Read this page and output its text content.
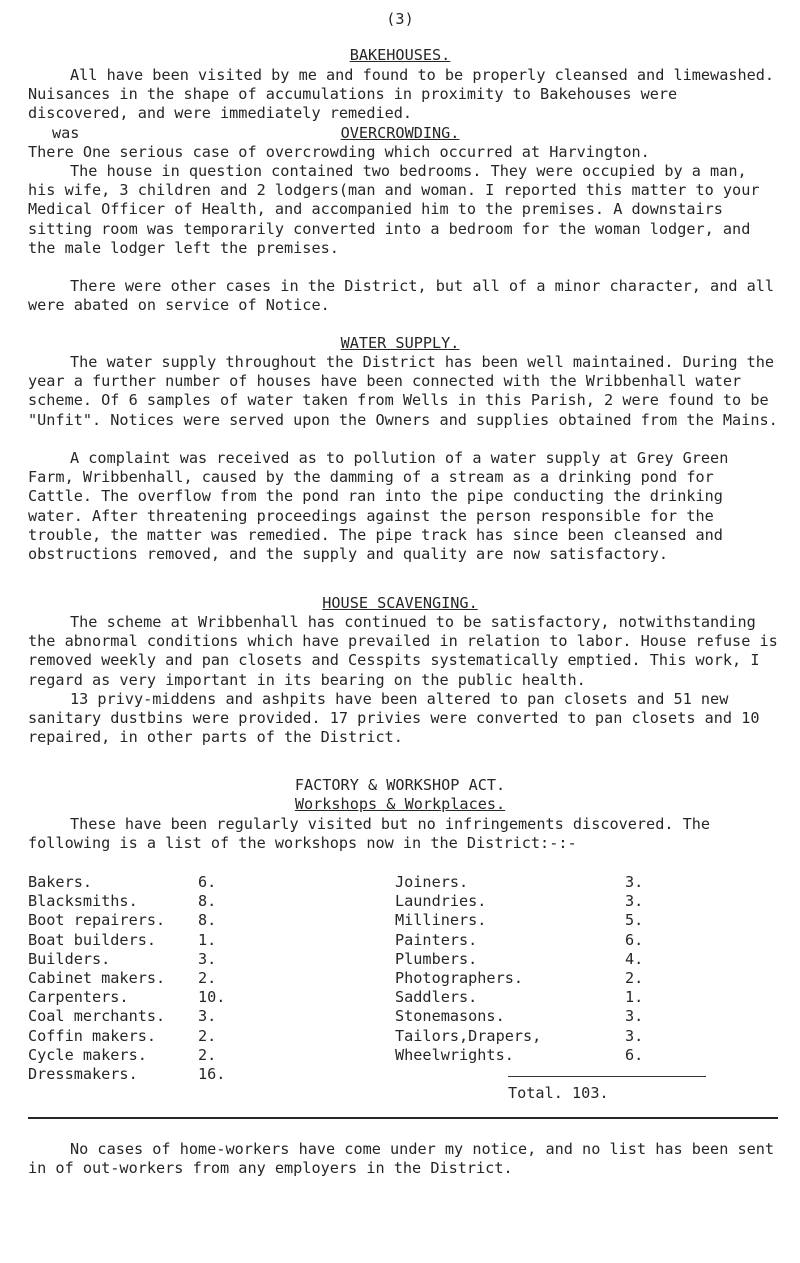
(3)
BAKEHOUSES.

All have been visited by me and found to be properly cleansed and limewashed. Nuisances in the shape of accumulations in proximity to Bakehouses were discovered, and were immediately remedied.

was	OVERCROWDING.

There One serious case of overcrowding which occurred at Harvington.

The house in question contained two bedrooms. They were occupied by a man, his wife, 3 children and 2 lodgers(man and woman. I reported this matter to your Medical Officer of Health, and accompanied him to the premises. A downstairs sitting room was temporarily converted into a bedroom for the woman lodger, and the male lodger left the premises.

There were other cases in the District, but all of a minor character, and all were abated on service of Notice.

WATER SUPPLY.

The water supply throughout the District has been well maintained. During the year a further number of houses have been connected with the Wribbenhall water scheme. Of 6 samples of water taken from Wells in this Parish, 2 were found to be "Unfit". Notices were served upon the Owners and supplies obtained from the Mains.

A complaint was received as to pollution of a water supply at Grey Green Farm, Wribbenhall, caused by the damming of a stream as a drinking pond for Cattle. The overflow from the pond ran into the pipe conducting the drinking water. After threatening proceedings against the person responsible for the trouble, the matter was remedied. The pipe track has since been cleansed and obstructions removed, and the supply and quality are now satisfactory.

HOUSE SCAVENGING.

The scheme at Wribbenhall has continued to be satisfactory, notwithstanding the abnormal conditions which have prevailed in relation to labor. House refuse is removed weekly and pan closets and Cesspits systematically emptied. This work, I regard as very important in its bearing on the public health.

13 privy-middens and ashpits have been altered to pan closets and 51 new sanitary dustbins were provided. 17 privies were converted to pan closets and 10 repaired, in other parts of the District.

FACTORY & WORKSHOP ACT.
Workshops & Workplaces.

These have been regularly visited but no infringements discovered. The following is a list of the workshops now in the District:-:-

Bakers.	6.
Blacksmiths.	8.
Boot repairers.	8.
Boat builders.	1.
Builders.	3.
Cabinet makers.	2.
Carpenters.	10.
Coal merchants.	3.
Coffin makers.	2.
Cycle makers.	2.
Dressmakers.	16.
Joiners.	3.
Laundries.	3.
Milliners.	5.
Painters.	6.
Plumbers.	4.
Photographers.	2.
Saddlers.	1.
Stonemasons.	3.
Tailors,Drapers,	3.
Wheelwrights.	6.
Total. 103.

No cases of home-workers have come under my notice, and no list has been sent in of out-workers from any employers in the District.
